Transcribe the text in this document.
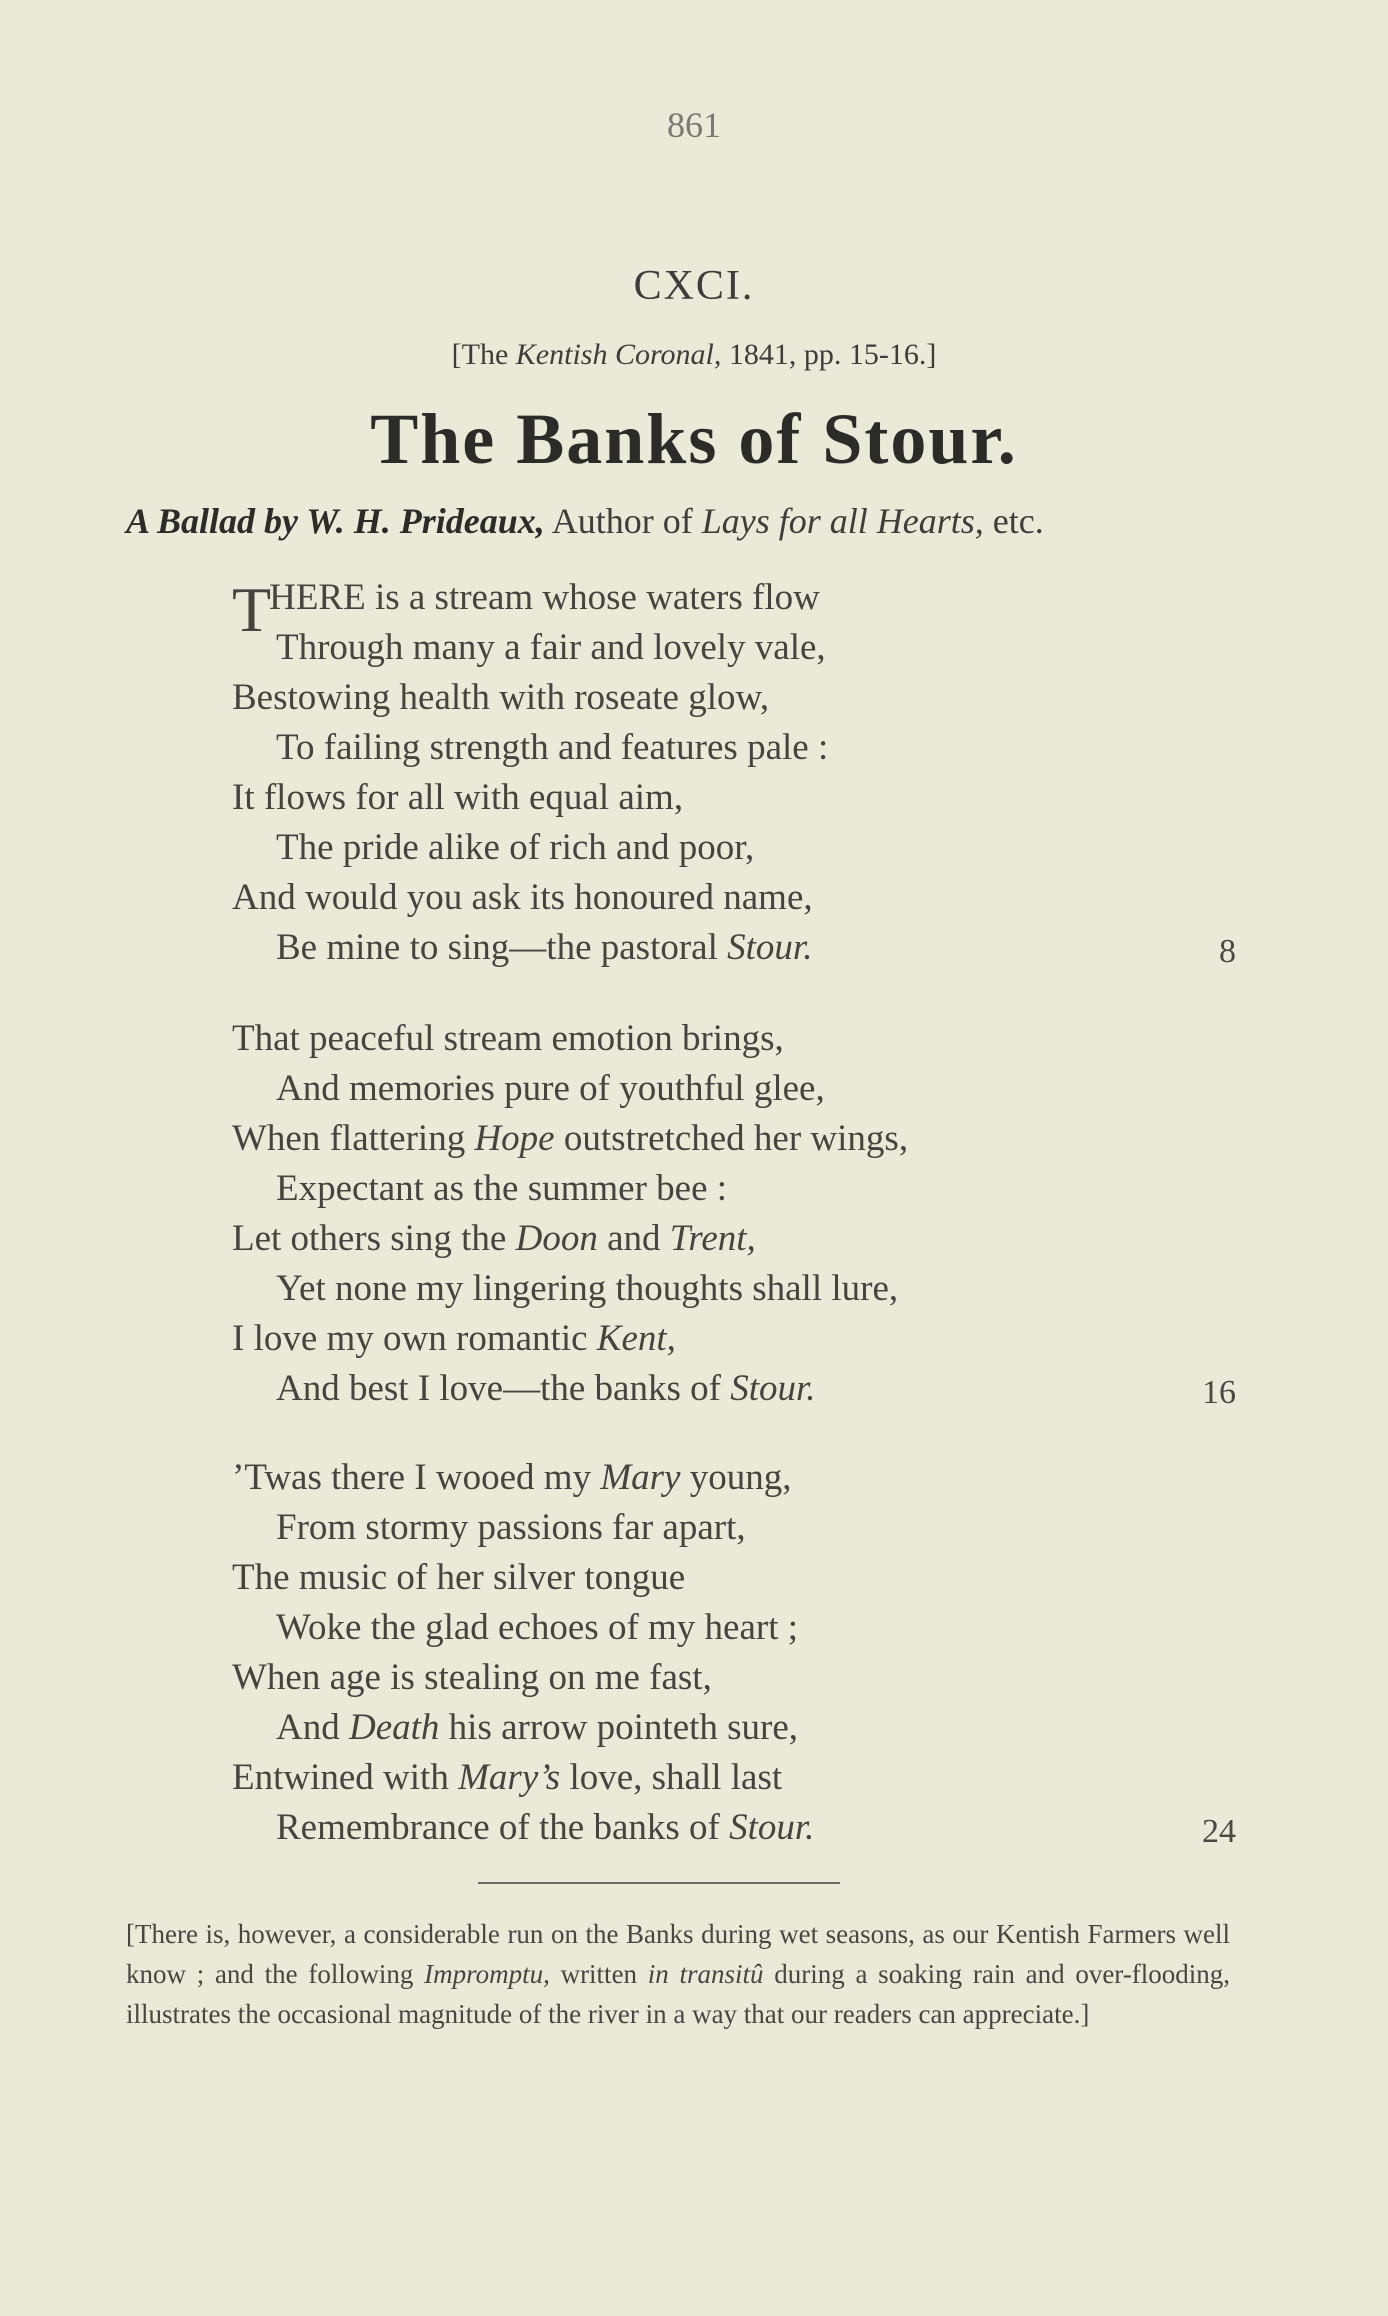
861
CXCI.
[The Kentish Coronal, 1841, pp. 15-16.]
The Banks of Stour.
A Ballad by W. H. Prideaux, Author of Lays for all Hearts, etc.
THERE is a stream whose waters flow
Through many a fair and lovely vale,
Bestowing health with roseate glow,
To failing strength and features pale :
It flows for all with equal aim,
The pride alike of rich and poor,
And would you ask its honoured name,
Be mine to sing—the pastoral Stour.	8
That peaceful stream emotion brings,
And memories pure of youthful glee,
When flattering Hope outstretched her wings,
Expectant as the summer bee :
Let others sing the Doon and Trent,
Yet none my lingering thoughts shall lure,
I love my own romantic Kent,
And best I love—the banks of Stour.	16
’Twas there I wooed my Mary young,
From stormy passions far apart,
The music of her silver tongue
Woke the glad echoes of my heart ;
When age is stealing on me fast,
And Death his arrow pointeth sure,
Entwined with Mary’s love, shall last
Remembrance of the banks of Stour.	24
[There is, however, a considerable run on the Banks during wet seasons, as our Kentish Farmers well know ; and the following Impromptu, written in transitû during a soaking rain and over-flooding, illustrates the occasional magnitude of the river in a way that our readers can appreciate.]
